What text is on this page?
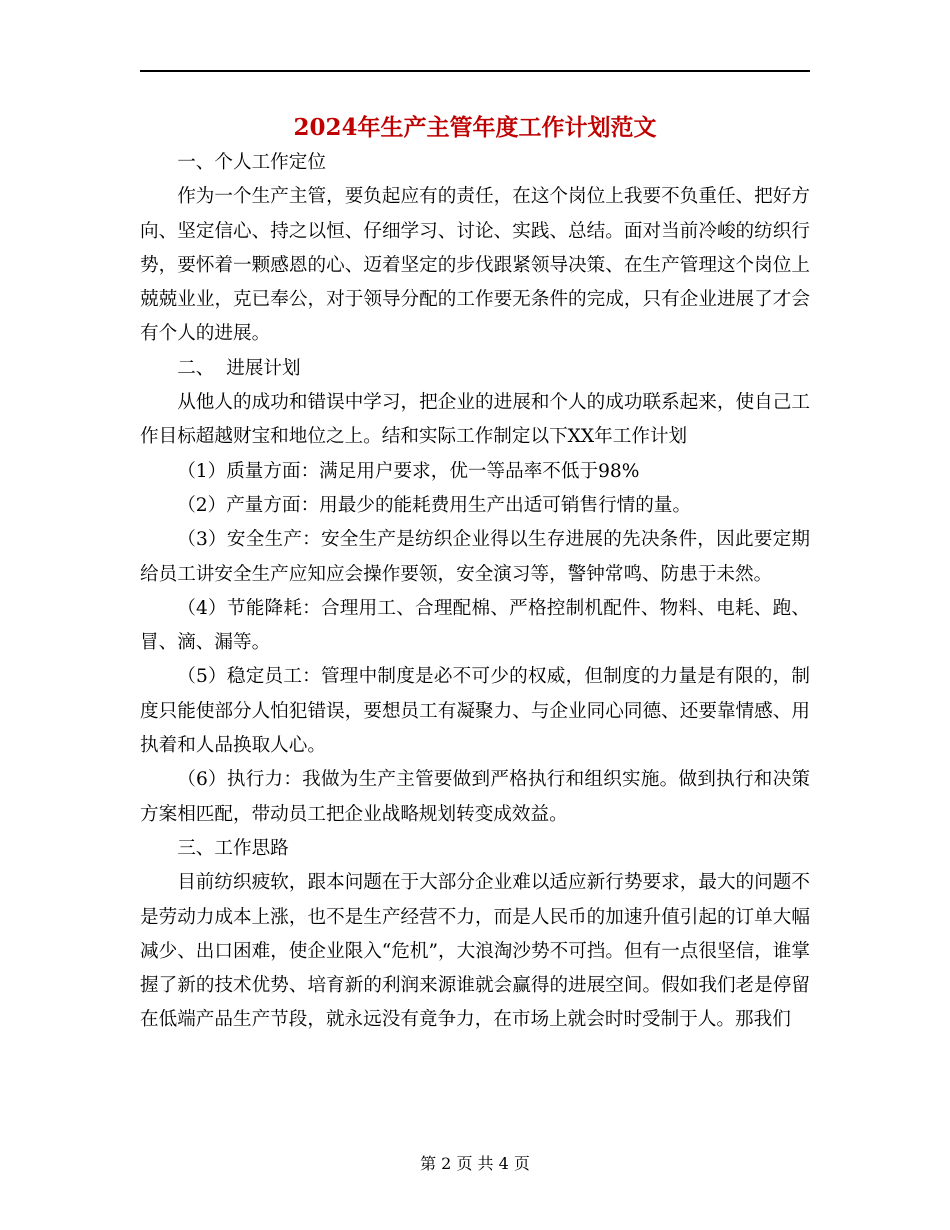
2024年生产主管年度工作计划范文

一、个人工作定位

作为一个生产主管，要负起应有的责任，在这个岗位上我要不负重任、把好方向、坚定信心、持之以恒、仔细学习、讨论、实践、总结。面对当前冷峻的纺织行势，要怀着一颗感恩的心、迈着坚定的步伐跟紧领导决策、在生产管理这个岗位上兢兢业业，克已奉公，对于领导分配的工作要无条件的完成，只有企业进展了才会有个人的进展。

二、  进展计划

从他人的成功和错误中学习，把企业的进展和个人的成功联系起来，使自己工作目标超越财宝和地位之上。结和实际工作制定以下XX年工作计划

（1）质量方面：满足用户要求，优一等品率不低于98%

（2）产量方面：用最少的能耗费用生产出适可销售行情的量。

（3）安全生产：安全生产是纺织企业得以生存进展的先决条件，因此要定期给员工讲安全生产应知应会操作要领，安全演习等，警钟常鸣、防患于未然。

（4）节能降耗：合理用工、合理配棉、严格控制机配件、物料、电耗、跑、冒、滴、漏等。

（5）稳定员工：管理中制度是必不可少的权威，但制度的力量是有限的，制度只能使部分人怕犯错误，要想员工有凝聚力、与企业同心同德、还要靠情感、用执着和人品换取人心。

（6）执行力：我做为生产主管要做到严格执行和组织实施。做到执行和决策方案相匹配，带动员工把企业战略规划转变成效益。

三、工作思路

目前纺织疲软，跟本问题在于大部分企业难以适应新行势要求，最大的问题不是劳动力成本上涨，也不是生产经营不力，而是人民币的加速升值引起的订单大幅减少、出口困难，使企业限入“危机”，大浪淘沙势不可挡。但有一点很坚信，谁掌握了新的技术优势、培育新的利润来源谁就会赢得的进展空间。假如我们老是停留在低端产品生产节段，就永远没有竟争力，在市场上就会时时受制于人。那我们

第 2 页 共 4 页
